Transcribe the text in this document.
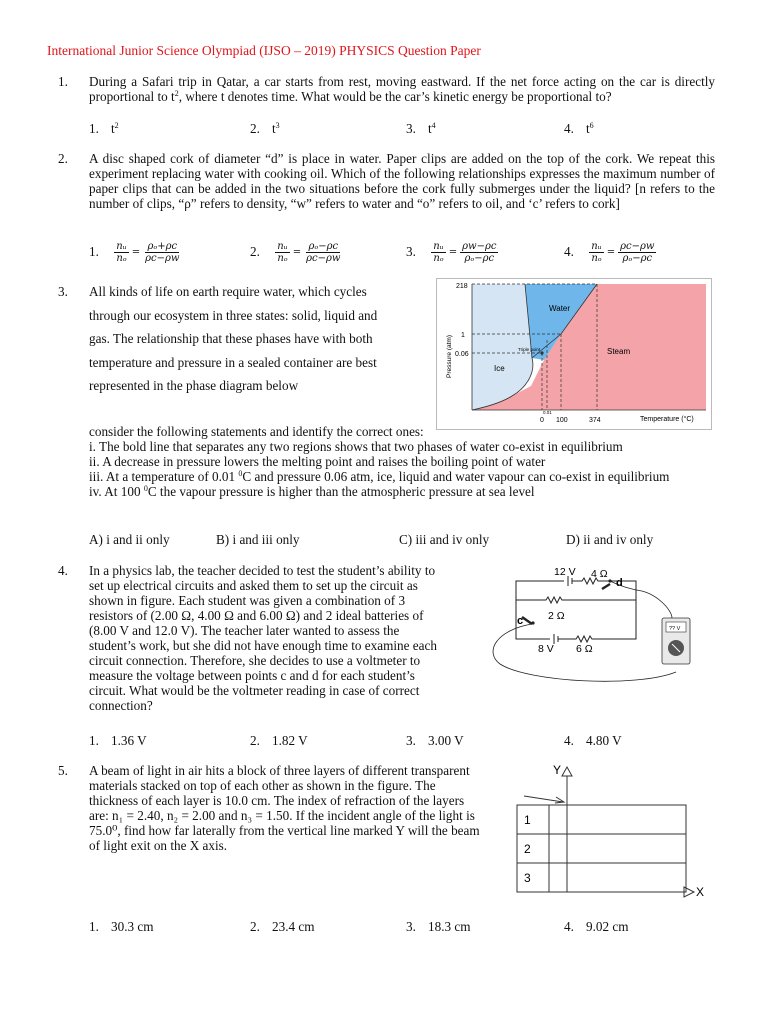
International Junior Science Olympiad (IJSO – 2019) PHYSICS Question Paper
1. During a Safari trip in Qatar, a car starts from rest, moving eastward. If the net force acting on the car is directly proportional to $t^2$, where t denotes time. What would be the car’s kinetic energy be proportional to?
1. $t^2$	2. $t^3$	3. $t^4$	4. $t^6$
2. A disc shaped cork of diameter “d” is place in water. Paper clips are added on the top of the cork. We repeat this experiment replacing water with cooking oil. Which of the following relationships expresses the maximum number of paper clips that can be added in the two situations before the cork fully submerges under the liquid? [n refers to the number of clips, “ρ” refers to density, “w” refers to water and “o” refers to oil, and ‘c’ refers to cork]
1. $\frac{\text{nᵤ}}{\text{nₒ}} = \frac{\text{ρₒ+ρc}}{\rho c-\rho w}$	2. $\frac{\text{nᵤ}}{\text{nₒ}} = \frac{\text{ρₒ−ρc}}{\rho c-\rho w}$	3. $\frac{\text{nᵤ}}{\text{nₒ}} = \frac{\rho w-\rho c}{\text{ρₒ−ρc}}$	4. $\frac{\text{nᵤ}}{\text{nₒ}} = \frac{\rho c-\rho w}{\text{ρₒ−ρc}}$
3. All kinds of life on earth require water, which cycles
through our ecosystem in three states: solid, liquid and
gas. The relationship that these phases have with both
temperature and pressure in a sealed container are best
represented in the phase diagram below
218
1
0.06
Pressure (atm)
Water
Steam
Ice
Triple point
0.01
0 100	374	Temperature (°C)
consider the following statements and identify the correct ones:
i. The bold line that separates any two regions shows that two phases of water co-exist in equilibrium
ii. A decrease in pressure lowers the melting point and raises the boiling point of water
iii. At a temperature of 0.01 $^0$C and pressure 0.06 atm, ice, liquid and water vapour can co-exist in equilibrium
iv. At 100 $^0$C the vapour pressure is higher than the atmospheric pressure at sea level
A) i and ii only	B) i and iii only	C) iii and iv only	D) ii and iv only
4. In a physics lab, the teacher decided to test the student’s ability to
set up electrical circuits and asked them to set up the circuit as
shown in figure. Each student was given a combination of 3
resistors of (2.00 Ω, 4.00 Ω and 6.00 Ω) and 2 ideal batteries of
(8.00 V and 12.0 V). The teacher later wanted to assess the
student’s work, but she did not have enough time to examine each
circuit connection. Therefore, she decides to use a voltmeter to
measure the voltage between points c and d for each student’s
circuit. What would be the voltmeter reading in case of correct
connection?
?? V
12 V 4 Ω
d
2 Ω
c
8 V 6 Ω
1. 1.36 V	2. 1.82 V	3. 3.00 V	4. 4.80 V
5. A beam of light in air hits a block of three layers of different transparent
materials stacked on top of each other as shown in the figure. The
thickness of each layer is 10.0 cm. The index of refraction of the layers
are: n₁ = 2.40, n₂ = 2.00 and n₃ = 1.50. If the incident angle of the light is
75.0⁰, find how far laterally from the vertical line marked Y will the beam
of light exit on the X axis.
Y
X
1
2
3
1. 30.3 cm	2. 23.4 cm	3. 18.3 cm	4. 9.02 cm
